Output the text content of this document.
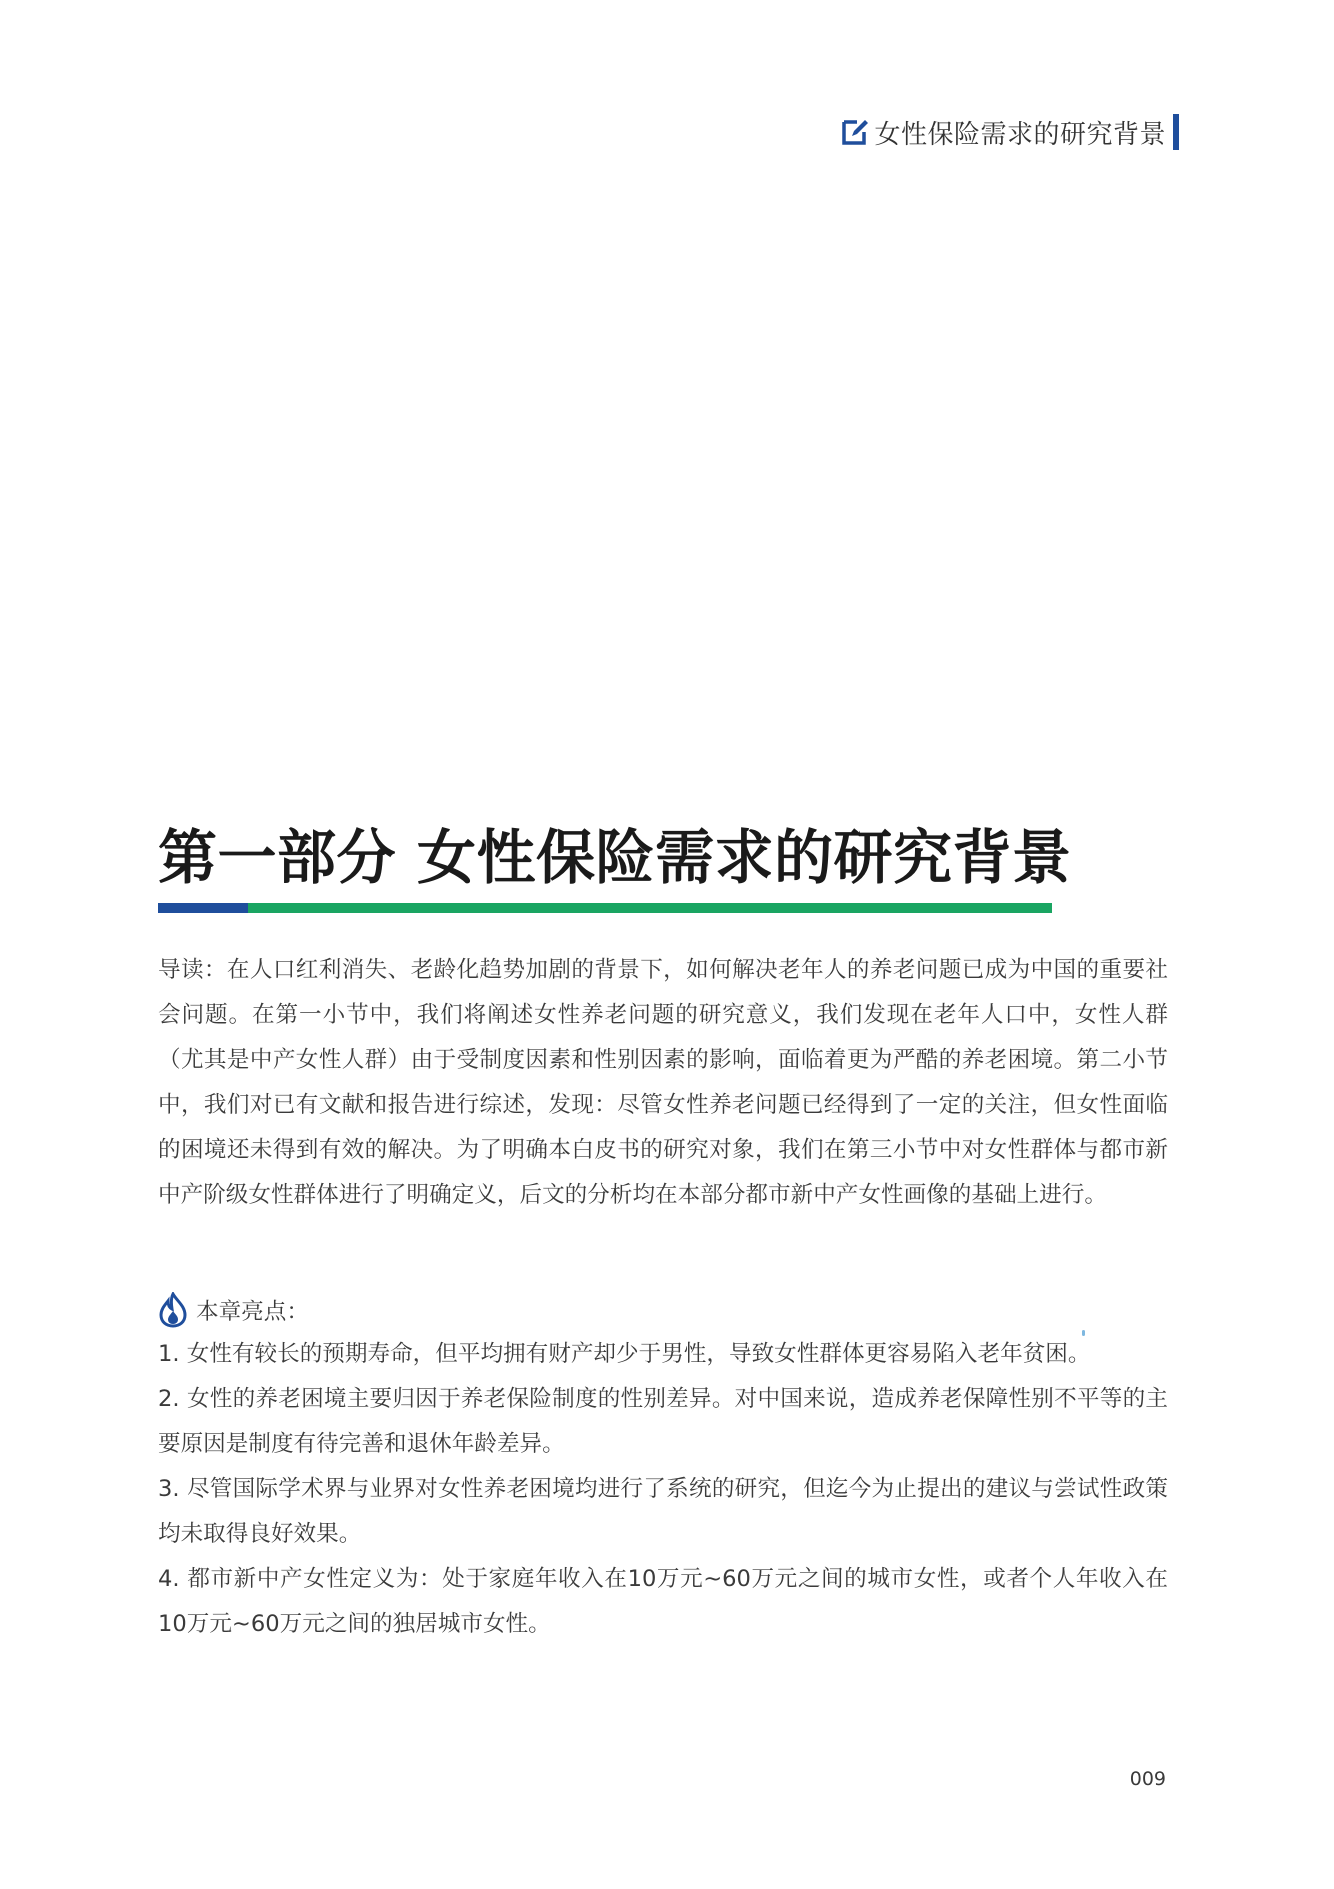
女性保险需求的研究背景
第一部分 女性保险需求的研究背景

导读：在人口红利消失、老龄化趋势加剧的背景下，如何解决老年人的养老问题已成为中国的重要社会问题。在第一小节中，我们将阐述女性养老问题的研究意义，我们发现在老年人口中，女性人群（尤其是中产女性人群）由于受制度因素和性别因素的影响，面临着更为严酷的养老困境。第二小节中，我们对已有文献和报告进行综述，发现：尽管女性养老问题已经得到了一定的关注，但女性面临的困境还未得到有效的解决。为了明确本白皮书的研究对象，我们在第三小节中对女性群体与都市新中产阶级女性群体进行了明确定义，后文的分析均在本部分都市新中产女性画像的基础上进行。

本章亮点：
1. 女性有较长的预期寿命，但平均拥有财产却少于男性，导致女性群体更容易陷入老年贫困。
2. 女性的养老困境主要归因于养老保险制度的性别差异。对中国来说，造成养老保障性别不平等的主要原因是制度有待完善和退休年龄差异。
3. 尽管国际学术界与业界对女性养老困境均进行了系统的研究，但迄今为止提出的建议与尝试性政策均未取得良好效果。
4. 都市新中产女性定义为：处于家庭年收入在10万元~60万元之间的城市女性，或者个人年收入在10万元~60万元之间的独居城市女性。
009
